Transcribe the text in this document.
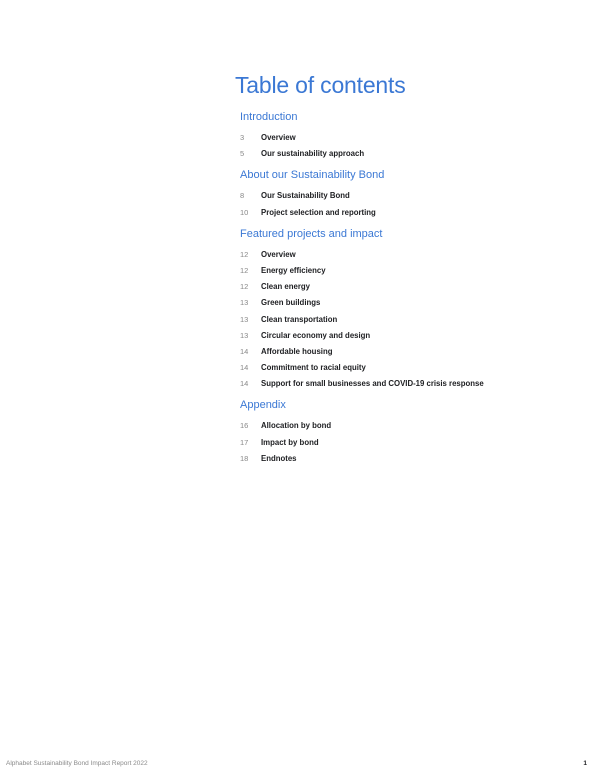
Table of contents
Introduction
3	Overview
5	Our sustainability approach
About our Sustainability Bond
8	Our Sustainability Bond
10	Project selection and reporting
Featured projects and impact
12	Overview
12	Energy efficiency
12	Clean energy
13	Green buildings
13	Clean transportation
13	Circular economy and design
14	Affordable housing
14	Commitment to racial equity
14	Support for small businesses and COVID-19 crisis response
Appendix
16	Allocation by bond
17	Impact by bond
18	Endnotes
Alphabet Sustainability Bond Impact Report 2022	1
